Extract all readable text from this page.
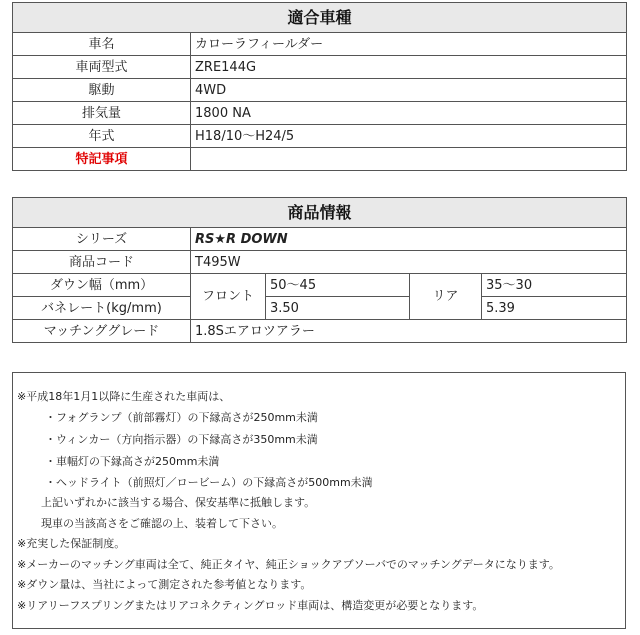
適合車種	
車名	カローラフィールダー
車両型式	ZRE144G
駆動	4WD
排気量	1800 NA
年式	H18/10〜H24/5
特記事項	
商品情報				
シリーズ	RS★R DOWN			
商品コード	T495W			
ダウン幅（mm）	フロント	50〜45	リア	35〜30
バネレート(kg/mm)		3.50		5.39
マッチンググレード	1.8Sエアロツアラー			
※平成18年1月1以降に生産された車両は、
・フォグランプ（前部霧灯）の下縁高さが250mm未満
・ウィンカー（方向指示器）の下縁高さが350mm未満
・車幅灯の下縁高さが250mm未満
・ヘッドライト（前照灯／ロービーム）の下縁高さが500mm未満
上記いずれかに該当する場合、保安基準に抵触します。
現車の当該高さをご確認の上、装着して下さい。
※充実した保証制度。
※メーカーのマッチング車両は全て、純正タイヤ、純正ショックアブソーバでのマッチングデータになります。
※ダウン量は、当社によって測定された参考値となります。
※リアリーフスプリングまたはリアコネクティングロッド車両は、構造変更が必要となります。
